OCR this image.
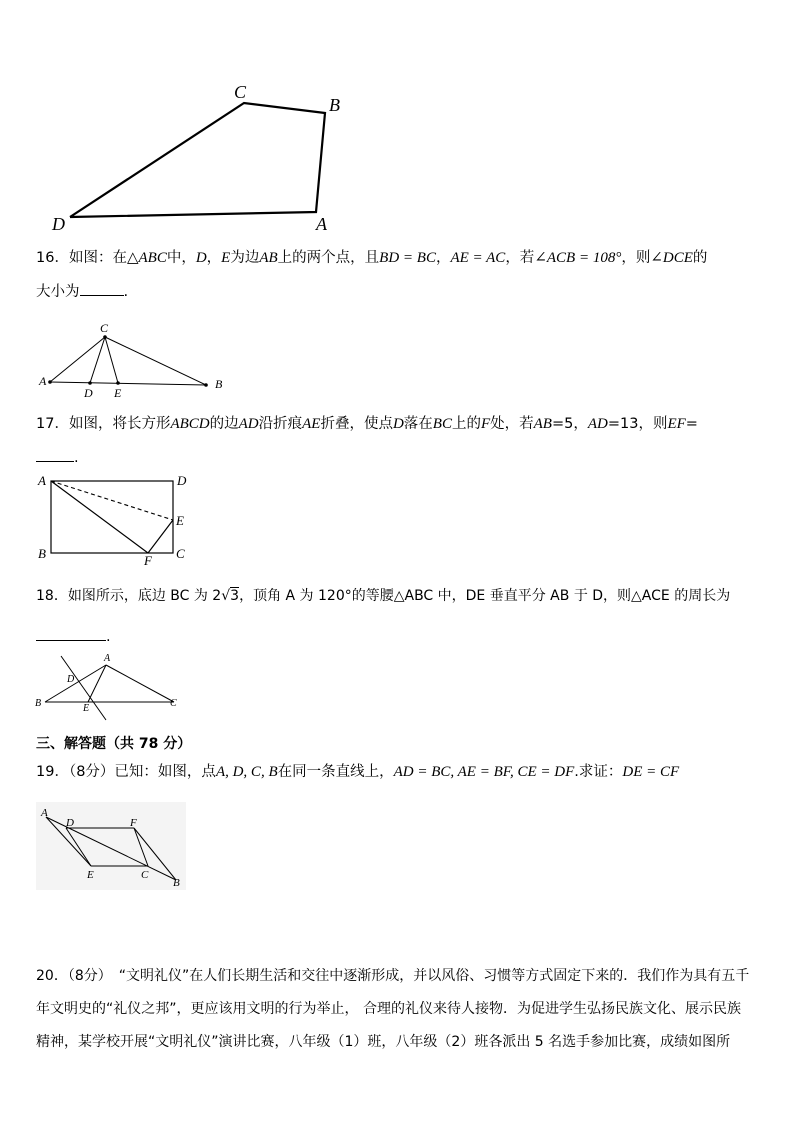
C
B
D	A
16．如图：在△ABC中，D，E为边AB上的两个点，且BD = BC，AE = AC，若∠ACB = 108°，则∠DCE的
大小为	.
C
A
D E
B
17．如图，将长方形ABCD的边AD沿折痕AE折叠，使点D落在BC上的F处，若AB=5，AD=13，则EF=
.
A	D
E
B	F C
18．如图所示，底边 BC 为 2√3，顶角 A 为 120°的等腰△ABC 中，DE 垂直平分 AB 于 D，则△ACE 的周长为
.
A
D
B	E	C
三、解答题（共 78 分）
19．（8分）已知：如图，点A, D, C, B在同一条直线上，AD = BC, AE = BF, CE = DF.求证：DE = CF
A
D	F
E	C
B
20．（8分）　“文明礼仪”在人们长期生活和交往中逐渐形成，并以风俗、习惯等方式固定下来的．我们作为具有五千
年文明史的“礼仪之邦”，更应该用文明的行为举止， 合理的礼仪来待人接物．为促进学生弘扬民族文化、展示民族
精神，某学校开展“文明礼仪”演讲比赛，八年级（1）班，八年级（2）班各派出 5 名选手参加比赛，成绩如图所
